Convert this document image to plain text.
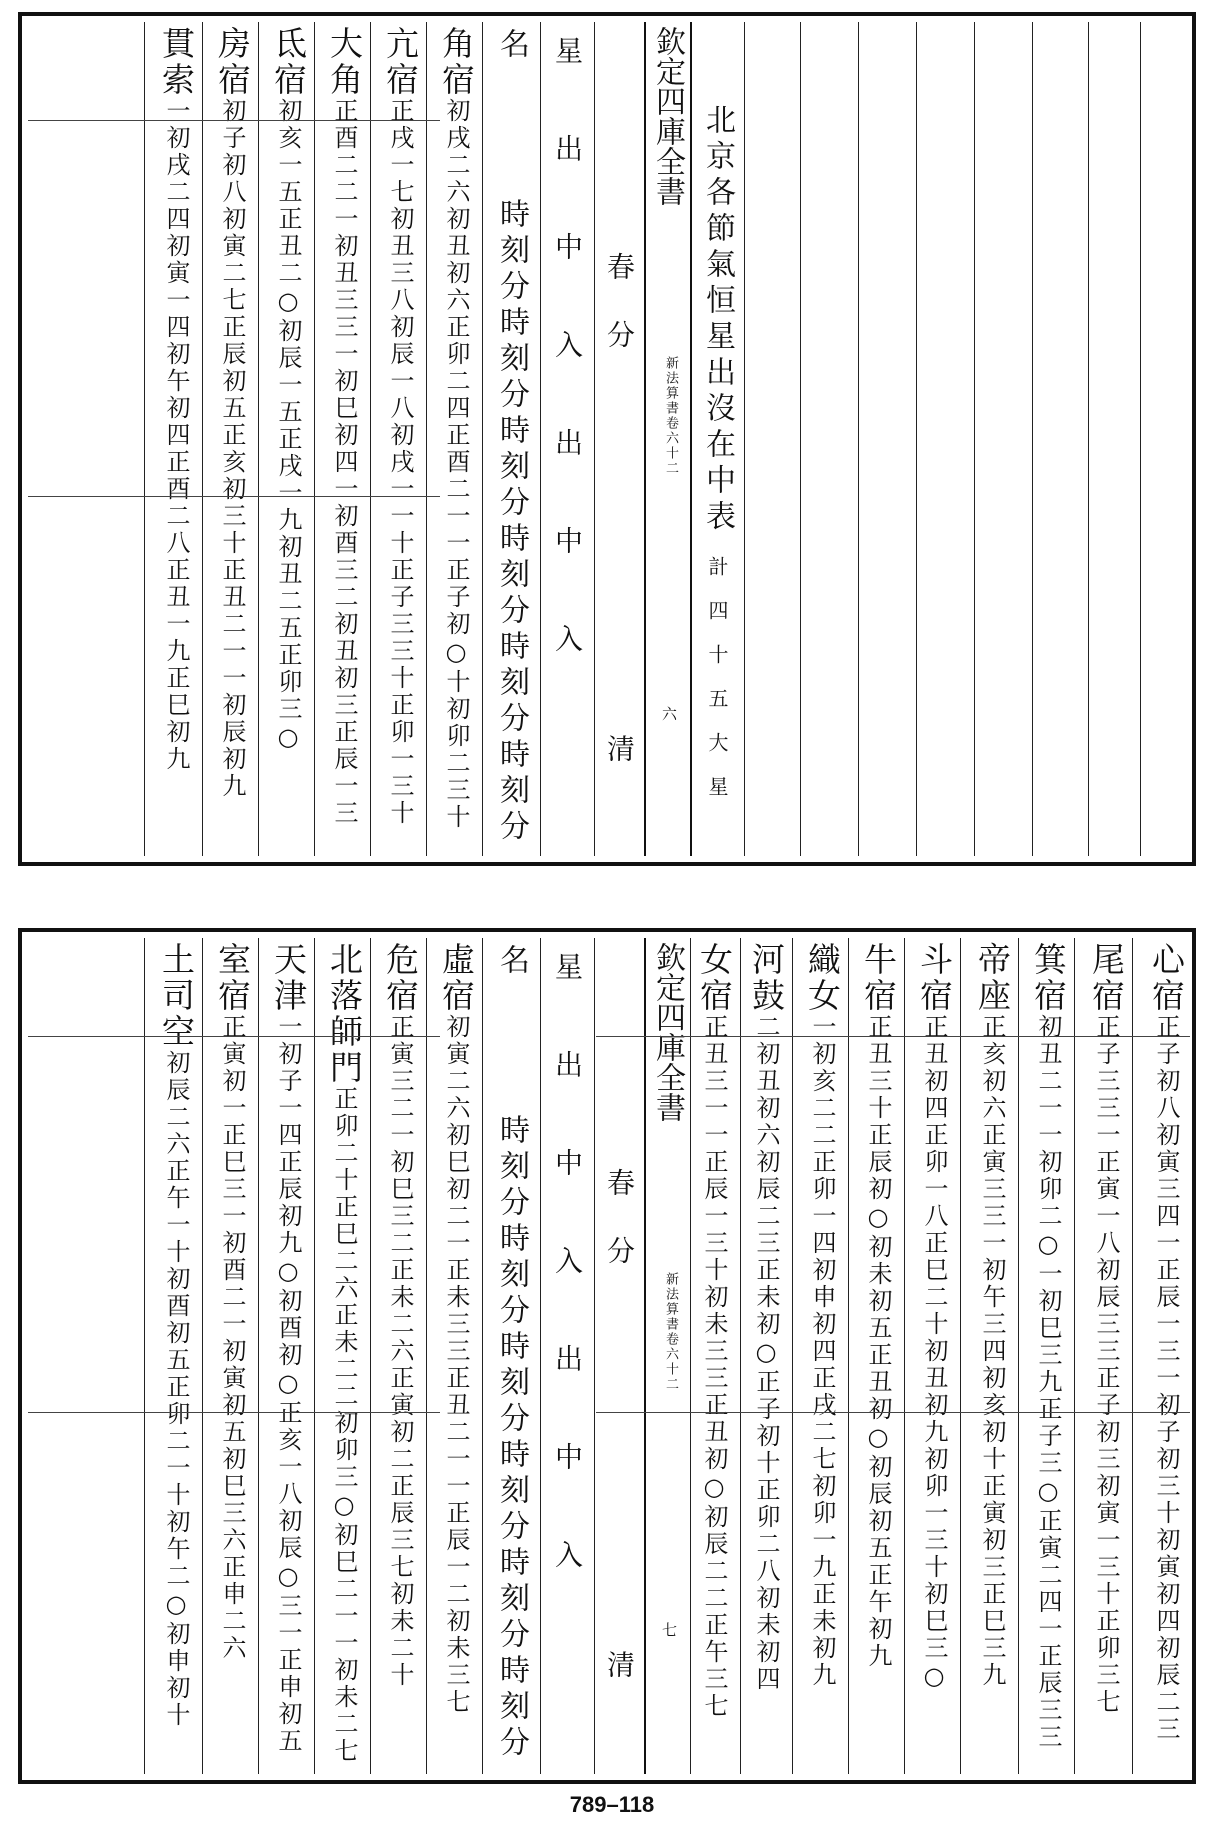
北京各節氣恒星出沒在中表
計四十五大星
欽定四庫全書
新法算書卷六十二
六
春分  清
星出中入出中入
名  時刻分時刻分時刻分時刻分時刻分時刻分
角宿初戌二六初丑初六正卯二四正酉二一一正子初○十初卯二三十
亢宿正戌一七初丑三八初辰一八初戌一一十正子三三十正卯一三十
大角正酉二二一初丑三三一初巳初四一初酉三二初丑初三正辰一三
氐宿初亥一五正丑二○初辰一五正戌一九初丑二五正卯三○
房宿初子初八初寅二七正辰初五正亥初三十正丑二一一初辰初九
貫索一初戌二四初寅一四初午初四正酉二八正丑一九正巳初九
心宿正子初八初寅三四一正辰一三一初子初三十初寅初四初辰二三
尾宿正子三三一正寅一八初辰三三正子初三初寅一三十正卯三七
箕宿初丑二一一初卯二○一初巳三九正子三○正寅二四一正辰三三
帝座正亥初六正寅三三一初午三四初亥初十正寅初三正巳三九
斗宿正丑初四正卯一八正巳二十初丑初九初卯一三十初巳三○
牛宿正丑三十正辰初○初未初五正丑初○初辰初五正午初九
織女一初亥二二正卯一四初申初四正戌二七初卯一九正未初九
河鼓二初丑初六初辰二三正未初○正子初十正卯二八初未初四
女宿正丑三一一正辰一三十初未三三正丑初○初辰二二正午三七
欽定四庫全書
新法算書卷六十二
七
春分  清
星出中入出中入
名  時刻分時刻分時刻分時刻分時刻分時刻分
虛宿初寅二六初巳初二一正未三三正丑二一一正辰一二初未三七
危宿正寅三二一初巳三二正未二六正寅初二正辰三七初未二十
北落師門正卯二十正巳二六正未二二初卯三○初巳二一一初未二七
天津一初子一四正辰初九○初酉初○正亥一八初辰○三一正申初五
室宿正寅初一正巳三一初酉二一初寅初五初巳三六正申二六
土司空初辰二六正午一十初酉初五正卯二一十初午二○初申初十
789–118
